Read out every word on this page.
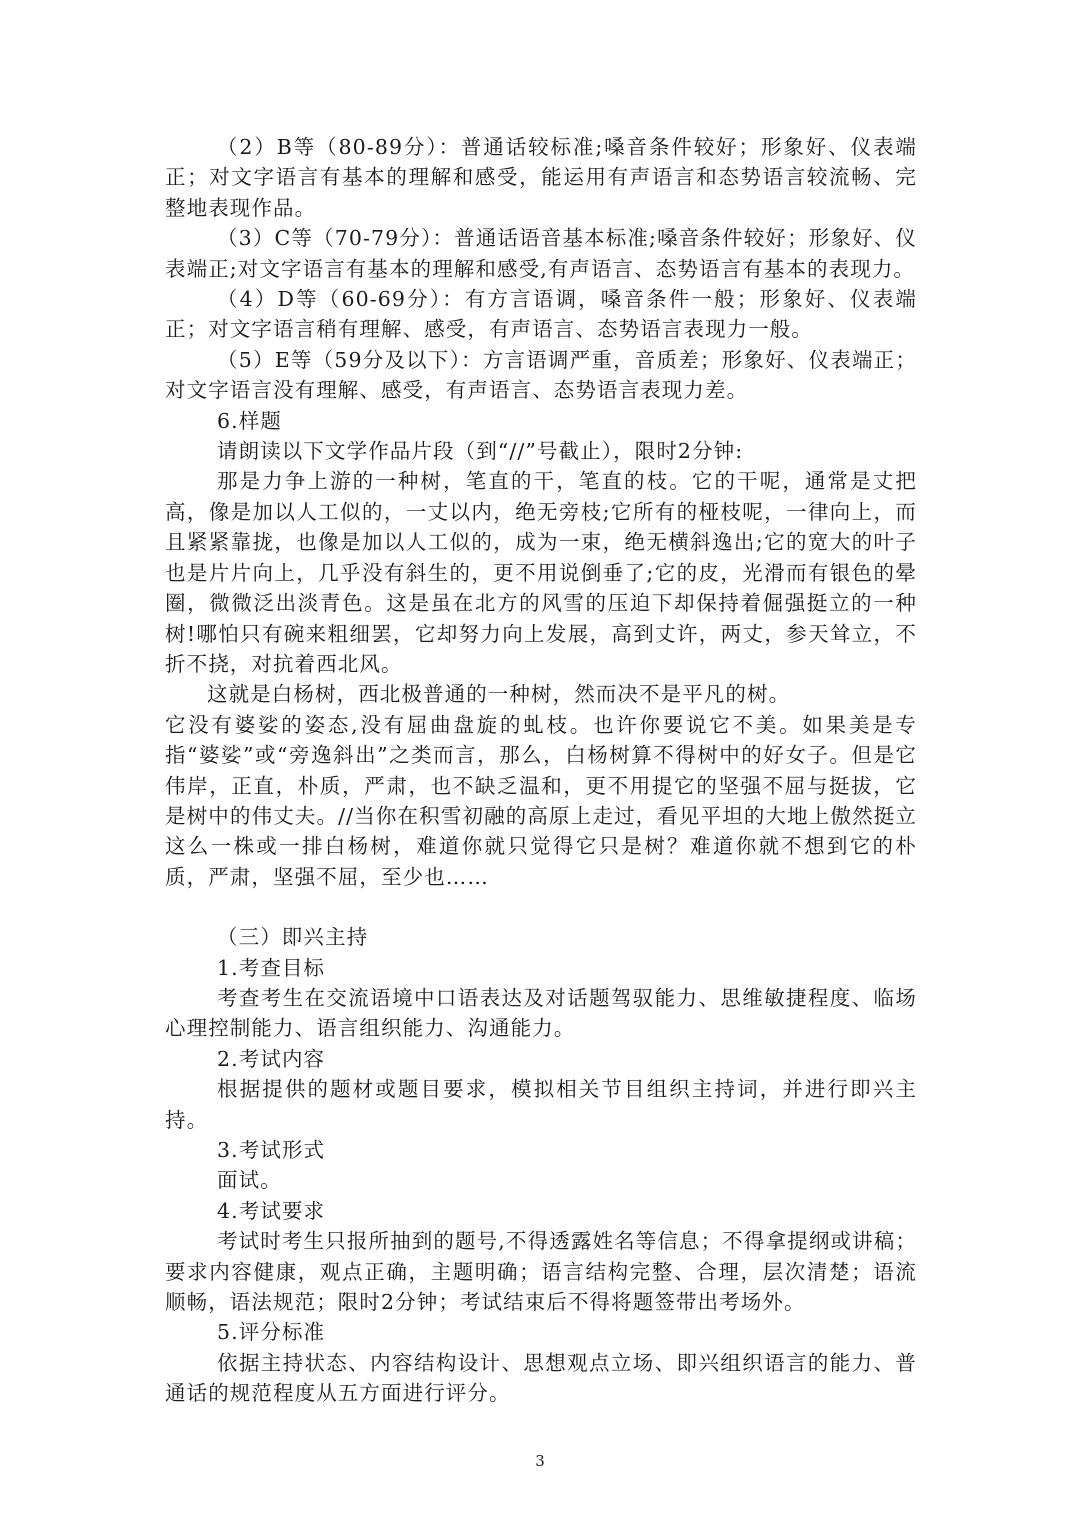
（2）B等（80-89分）：普通话较标准;嗓音条件较好；形象好、仪表端正；对文字语言有基本的理解和感受，能运用有声语言和态势语言较流畅、完整地表现作品。

（3）C等（70-79分）：普通话语音基本标准;嗓音条件较好；形象好、仪表端正;对文字语言有基本的理解和感受,有声语言、态势语言有基本的表现力。

（4）D等（60-69分）：有方言语调，嗓音条件一般；形象好、仪表端正；对文字语言稍有理解、感受，有声语言、态势语言表现力一般。

（5）E等（59分及以下）：方言语调严重，音质差；形象好、仪表端正；对文字语言没有理解、感受，有声语言、态势语言表现力差。

6.样题

请朗读以下文学作品片段（到“//”号截止），限时2分钟:

那是力争上游的一种树，笔直的干，笔直的枝。它的干呢，通常是丈把高，像是加以人工似的，一丈以内，绝无旁枝;它所有的桠枝呢，一律向上，而且紧紧靠拢，也像是加以人工似的，成为一束，绝无横斜逸出;它的宽大的叶子也是片片向上，几乎没有斜生的，更不用说倒垂了;它的皮，光滑而有银色的晕圈，微微泛出淡青色。这是虽在北方的风雪的压迫下却保持着倔强挺立的一种树!哪怕只有碗来粗细罢，它却努力向上发展，高到丈许，两丈，参天耸立，不折不挠，对抗着西北风。

这就是白杨树，西北极普通的一种树，然而决不是平凡的树。

它没有婆娑的姿态,没有屈曲盘旋的虬枝。也许你要说它不美。如果美是专指“婆娑”或“旁逸斜出”之类而言，那么，白杨树算不得树中的好女子。但是它伟岸，正直，朴质，严肃，也不缺乏温和，更不用提它的坚强不屈与挺拔，它是树中的伟丈夫。//当你在积雪初融的高原上走过，看见平坦的大地上傲然挺立这么一株或一排白杨树，难道你就只觉得它只是树？难道你就不想到它的朴质，严肃，坚强不屈，至少也……

（三）即兴主持

1.考查目标

考查考生在交流语境中口语表达及对话题驾驭能力、思维敏捷程度、临场心理控制能力、语言组织能力、沟通能力。

2.考试内容

根据提供的题材或题目要求，模拟相关节目组织主持词，并进行即兴主持。

3.考试形式

面试。

4.考试要求

考试时考生只报所抽到的题号,不得透露姓名等信息；不得拿提纲或讲稿；要求内容健康，观点正确，主题明确；语言结构完整、合理，层次清楚；语流顺畅，语法规范；限时2分钟；考试结束后不得将题签带出考场外。

5.评分标准

依据主持状态、内容结构设计、思想观点立场、即兴组织语言的能力、普通话的规范程度从五方面进行评分。

3
